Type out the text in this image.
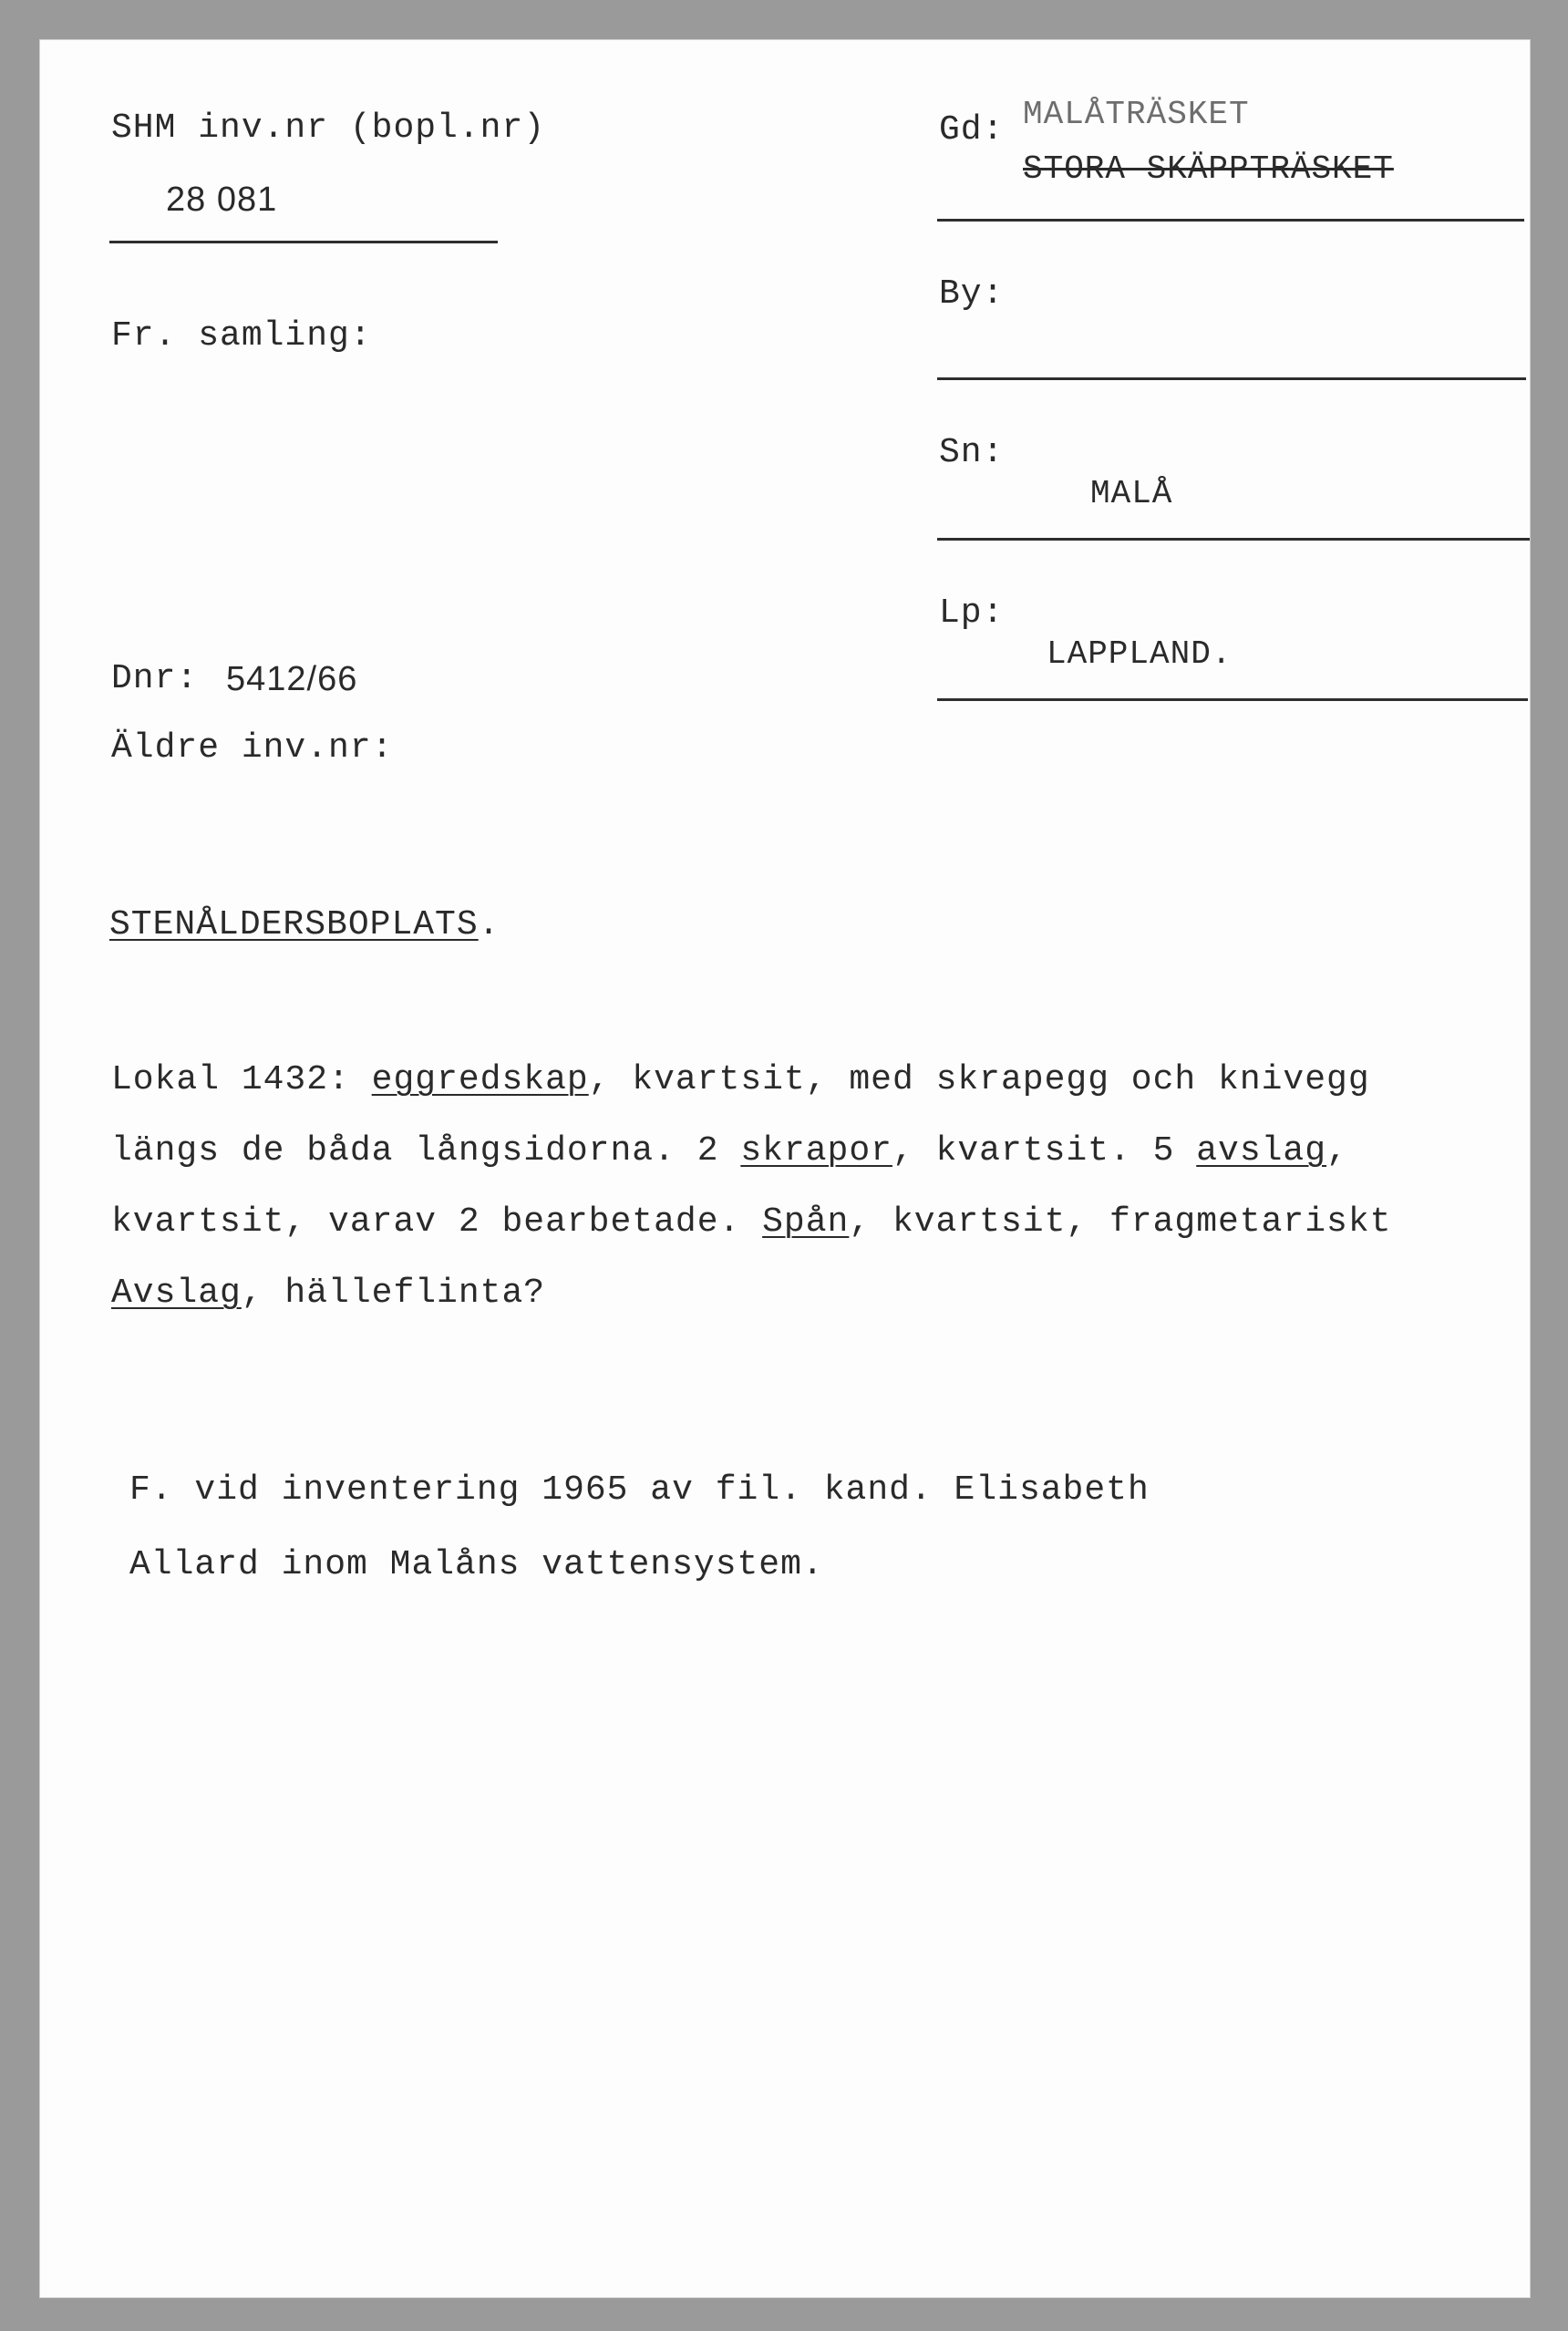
SHM inv.nr (bopl.nr)
28 081
Fr. samling:
Gd: MALÅTRÄSKET
STORA SKÄPPTRÄSKET
By:
Sn:
MALÅ
Lp:
LAPPLAND.
Dnr: 5412/66
Äldre inv.nr:
STENÅLDERSBOPLATS.
Lokal 1432: eggredskap, kvartsit, med skrapegg och knivegg
längs de båda långsidorna. 2 skrapor, kvartsit. 5 avslag,
kvartsit, varav 2 bearbetade. Spån, kvartsit, fragmetariskt
Avslag, hälleflinta?
F. vid inventering 1965 av fil. kand. Elisabeth
Allard inom Malåns vattensystem.
